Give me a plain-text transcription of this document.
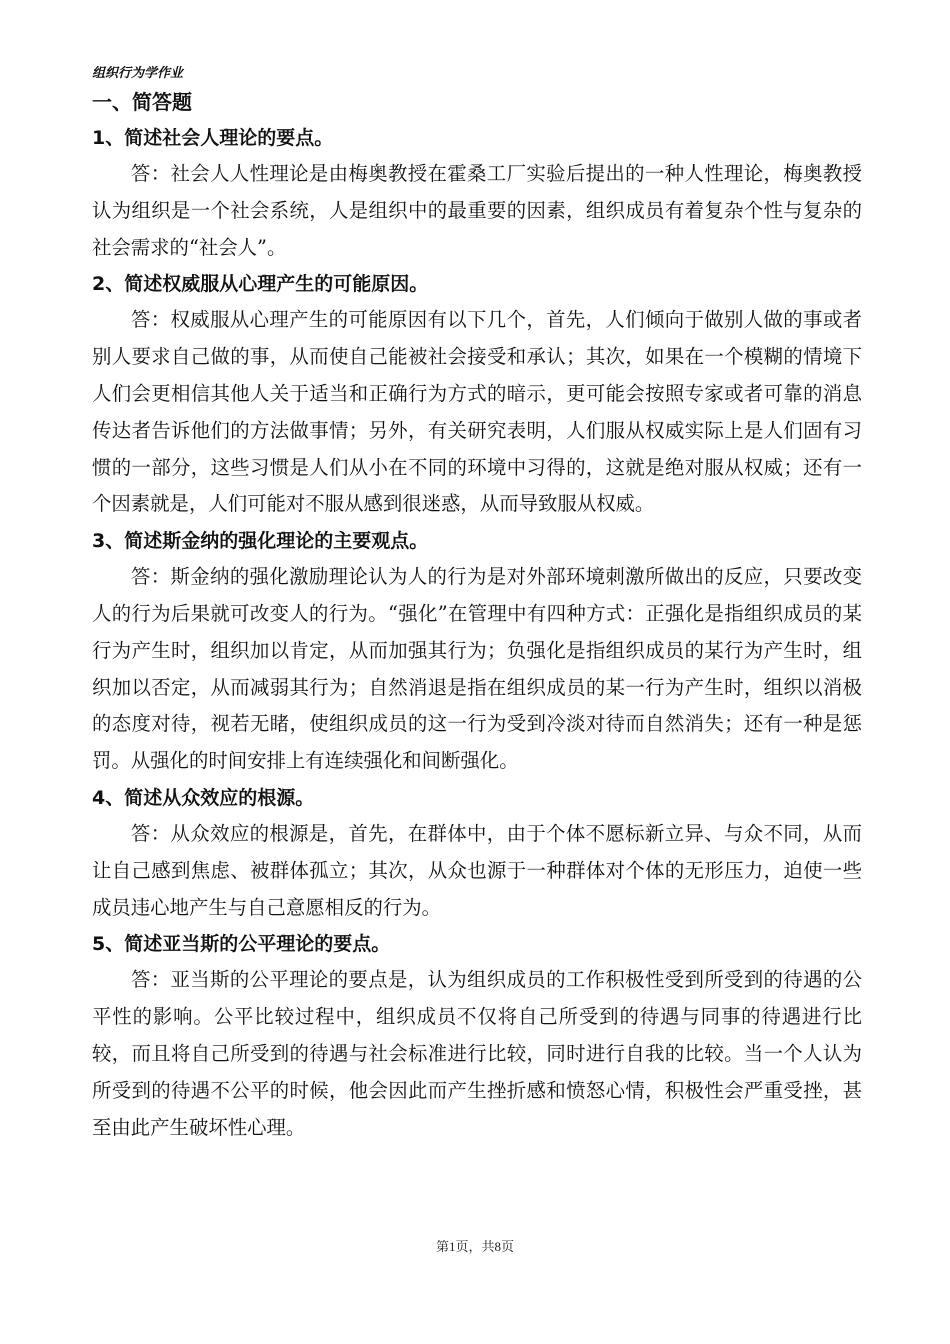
组织行为学作业
一、简答题
1、简述社会人理论的要点。

答：社会人人性理论是由梅奥教授在霍桑工厂实验后提出的一种人性理论，梅奥教授认为组织是一个社会系统，人是组织中的最重要的因素，组织成员有着复杂个性与复杂的社会需求的“社会人”。

2、简述权威服从心理产生的可能原因。

答：权威服从心理产生的可能原因有以下几个，首先，人们倾向于做别人做的事或者别人要求自己做的事，从而使自己能被社会接受和承认；其次，如果在一个模糊的情境下人们会更相信其他人关于适当和正确行为方式的暗示，更可能会按照专家或者可靠的消息传达者告诉他们的方法做事情；另外，有关研究表明，人们服从权威实际上是人们固有习惯的一部分，这些习惯是人们从小在不同的环境中习得的，这就是绝对服从权威；还有一个因素就是，人们可能对不服从感到很迷惑，从而导致服从权威。

3、简述斯金纳的强化理论的主要观点。

答：斯金纳的强化激励理论认为人的行为是对外部环境刺激所做出的反应，只要改变人的行为后果就可改变人的行为。“强化”在管理中有四种方式：正强化是指组织成员的某行为产生时，组织加以肯定，从而加强其行为；负强化是指组织成员的某行为产生时，组织加以否定，从而减弱其行为；自然消退是指在组织成员的某一行为产生时，组织以消极的态度对待，视若无睹，使组织成员的这一行为受到冷淡对待而自然消失；还有一种是惩罚。从强化的时间安排上有连续强化和间断强化。

4、简述从众效应的根源。

答：从众效应的根源是，首先，在群体中，由于个体不愿标新立异、与众不同，从而让自己感到焦虑、被群体孤立；其次，从众也源于一种群体对个体的无形压力，迫使一些成员违心地产生与自己意愿相反的行为。

5、简述亚当斯的公平理论的要点。

答：亚当斯的公平理论的要点是，认为组织成员的工作积极性受到所受到的待遇的公平性的影响。公平比较过程中，组织成员不仅将自己所受到的待遇与同事的待遇进行比较，而且将自己所受到的待遇与社会标准进行比较，同时进行自我的比较。当一个人认为所受到的待遇不公平的时候，他会因此而产生挫折感和愤怒心情，积极性会严重受挫，甚至由此产生破坏性心理。

第1页，共8页
